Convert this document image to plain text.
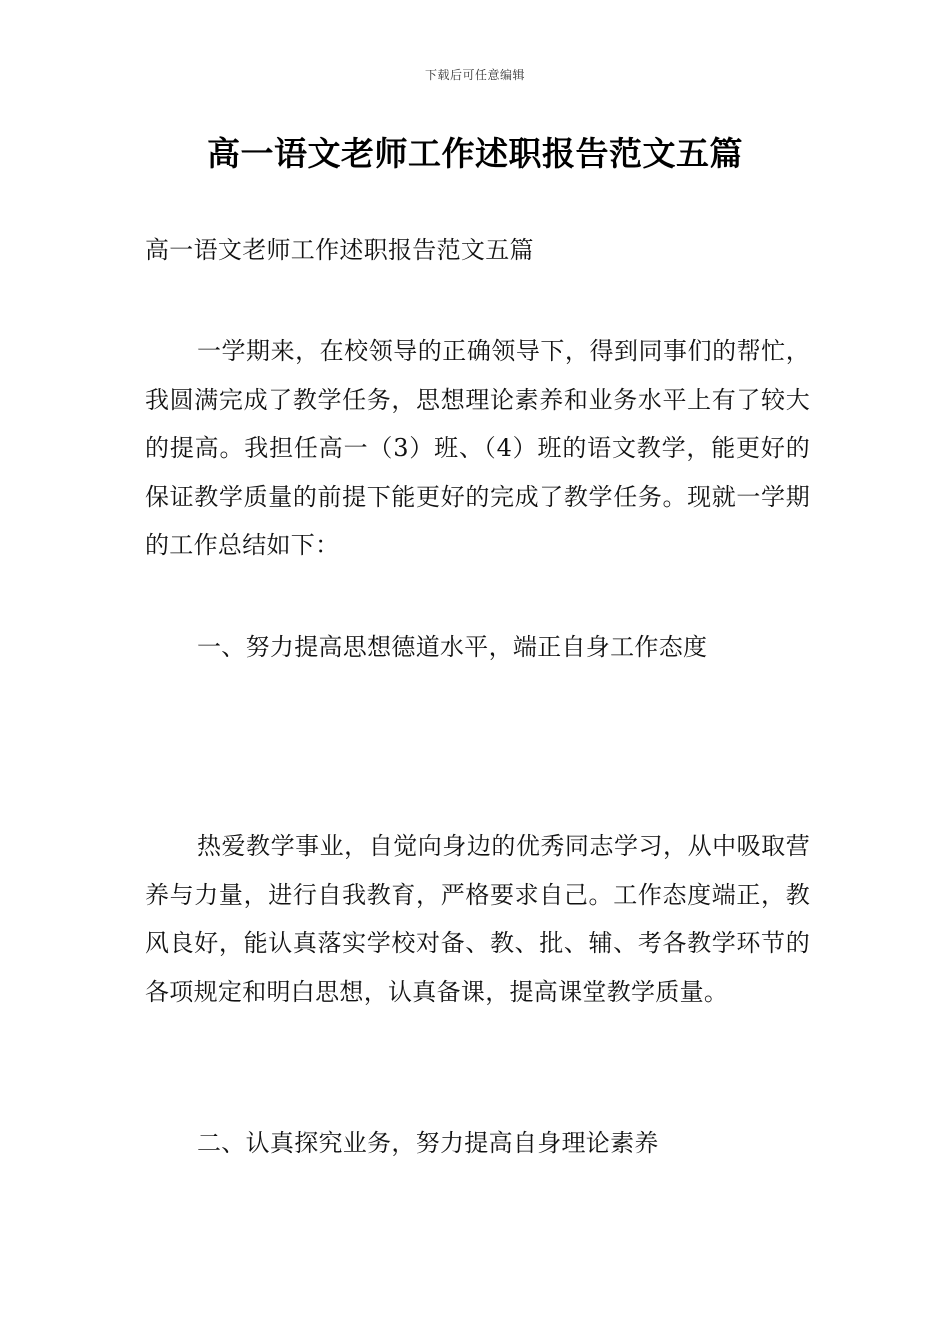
下载后可任意编辑
高一语文老师工作述职报告范文五篇

高一语文老师工作述职报告范文五篇

一学期来，在校领导的正确领导下，得到同事们的帮忙，我圆满完成了教学任务，思想理论素养和业务水平上有了较大的提高。我担任高一（3）班、（4）班的语文教学，能更好的保证教学质量的前提下能更好的完成了教学任务。现就一学期的工作总结如下：

一、努力提高思想德道水平，端正自身工作态度

热爱教学事业，自觉向身边的优秀同志学习，从中吸取营养与力量，进行自我教育，严格要求自己。工作态度端正，教风良好，能认真落实学校对备、教、批、辅、考各教学环节的各项规定和明白思想，认真备课，提高课堂教学质量。

二、认真探究业务，努力提高自身理论素养
